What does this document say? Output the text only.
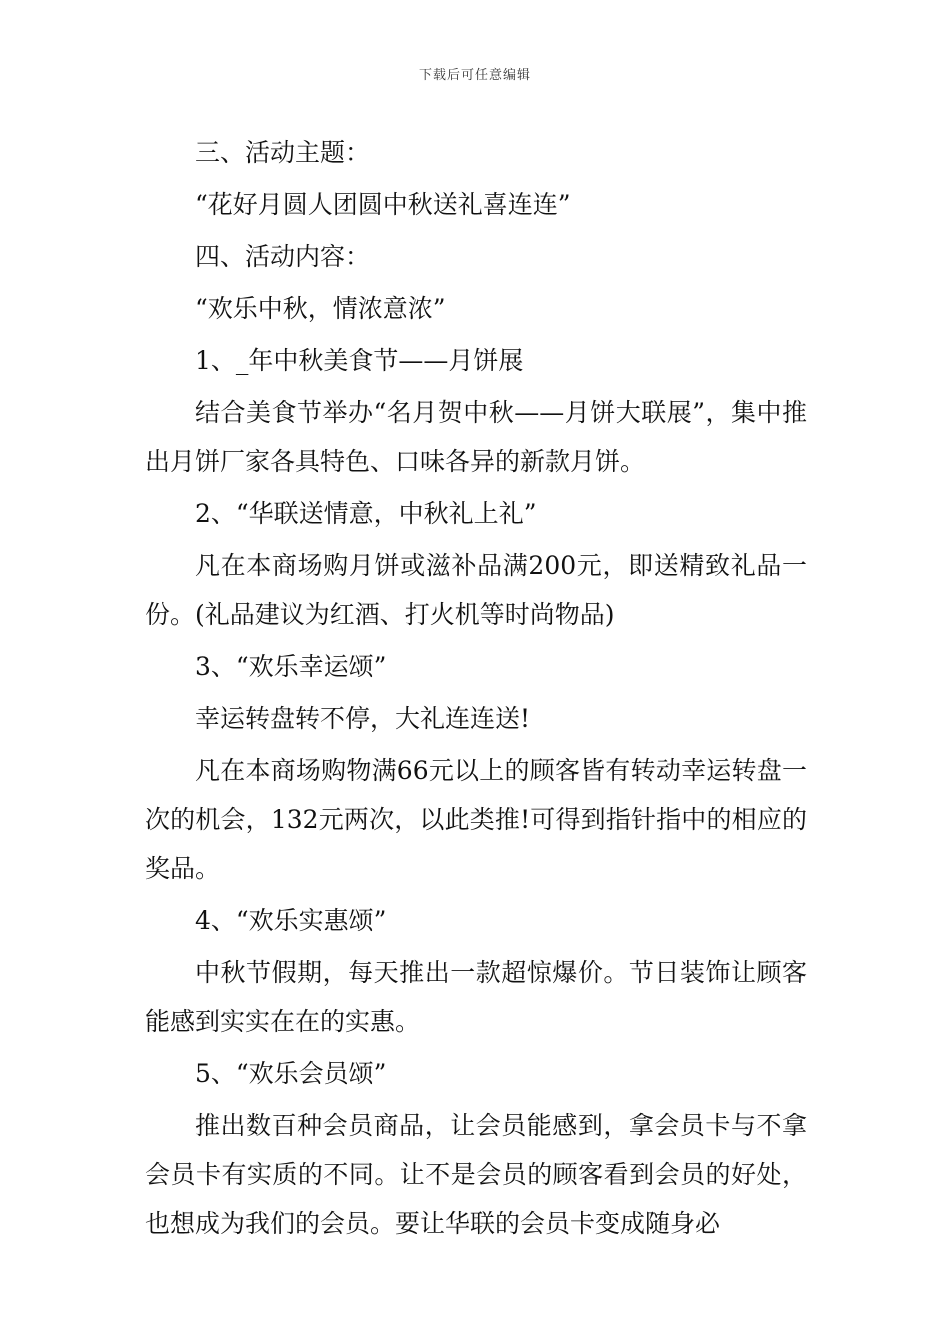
下载后可任意编辑

三、活动主题：

“花好月圆人团圆中秋送礼喜连连”

四、活动内容：

“欢乐中秋，情浓意浓”

1、_年中秋美食节——月饼展

结合美食节举办“名月贺中秋——月饼大联展”，集中推出月饼厂家各具特色、口味各异的新款月饼。

2、“华联送情意，中秋礼上礼”

凡在本商场购月饼或滋补品满200元，即送精致礼品一份。(礼品建议为红酒、打火机等时尚物品)

3、“欢乐幸运颂”

幸运转盘转不停，大礼连连送!

凡在本商场购物满66元以上的顾客皆有转动幸运转盘一次的机会，132元两次，以此类推!可得到指针指中的相应的奖品。

4、“欢乐实惠颂”

中秋节假期，每天推出一款超惊爆价。节日装饰让顾客能感到实实在在的实惠。

5、“欢乐会员颂”

推出数百种会员商品，让会员能感到，拿会员卡与不拿会员卡有实质的不同。让不是会员的顾客看到会员的好处，也想成为我们的会员。要让华联的会员卡变成随身必
